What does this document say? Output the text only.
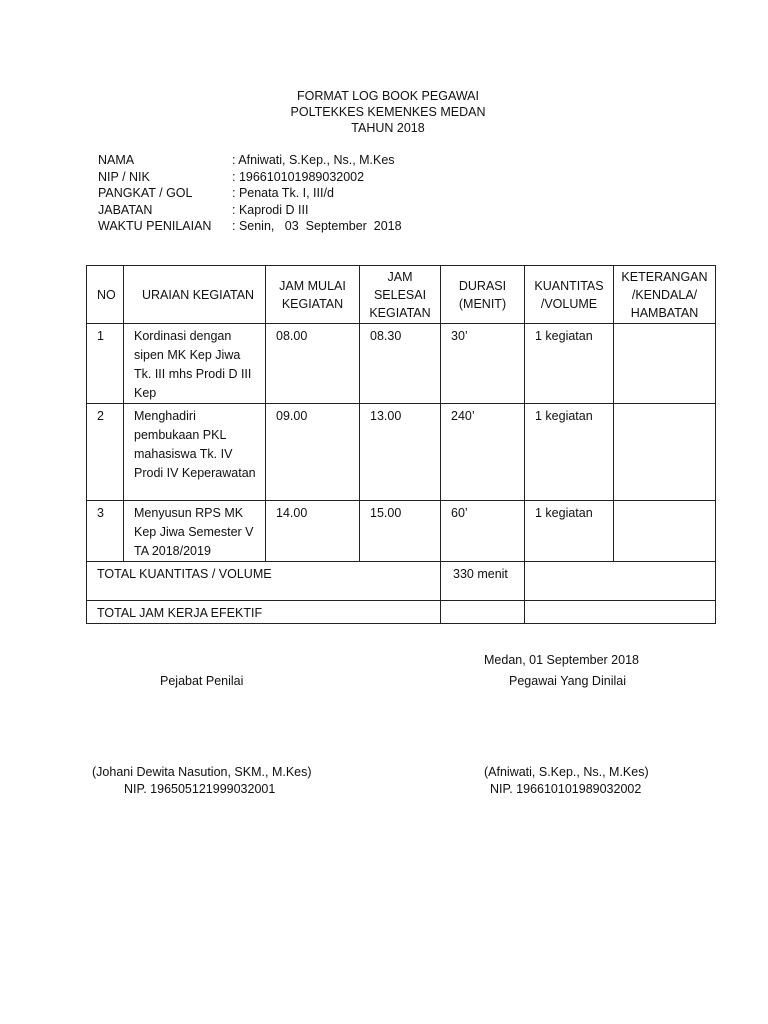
FORMAT LOG BOOK PEGAWAI
POLTEKKES KEMENKES MEDAN
TAHUN 2018
NAMA	: Afniwati, S.Kep., Ns., M.Kes
NIP / NIK	: 196610101989032002
PANGKAT / GOL	: Penata Tk. I, III/d
JABATAN	: Kaprodi D III
WAKTU PENILAIAN : Senin,   03  September  2018
NO	URAIAN KEGIATAN	JAM MULAI KEGIATAN	JAM SELESAI KEGIATAN	DURASI (MENIT)	KUANTITAS /VOLUME	KETERANGAN /KENDALA/ HAMBATAN
1	Kordinasi dengan sipen MK Kep Jiwa Tk. III mhs Prodi D III Kep	08.00	08.30	30’	1 kegiatan	
2	Menghadiri pembukaan PKL mahasiswa Tk. IV Prodi IV Keperawatan	09.00	13.00	240’	1 kegiatan	
3	Menyusun RPS MK Kep Jiwa Semester V TA 2018/2019	14.00	15.00	60’	1 kegiatan	
TOTAL KUANTITAS / VOLUME				330 menit		
TOTAL JAM KERJA EFEKTIF						
Medan, 01 September 2018
Pejabat Penilai	Pegawai Yang Dinilai
(Johani Dewita Nasution, SKM., M.Kes)
NIP. 196505121999032001
(Afniwati, S.Kep., Ns., M.Kes)
NIP. 196610101989032002
